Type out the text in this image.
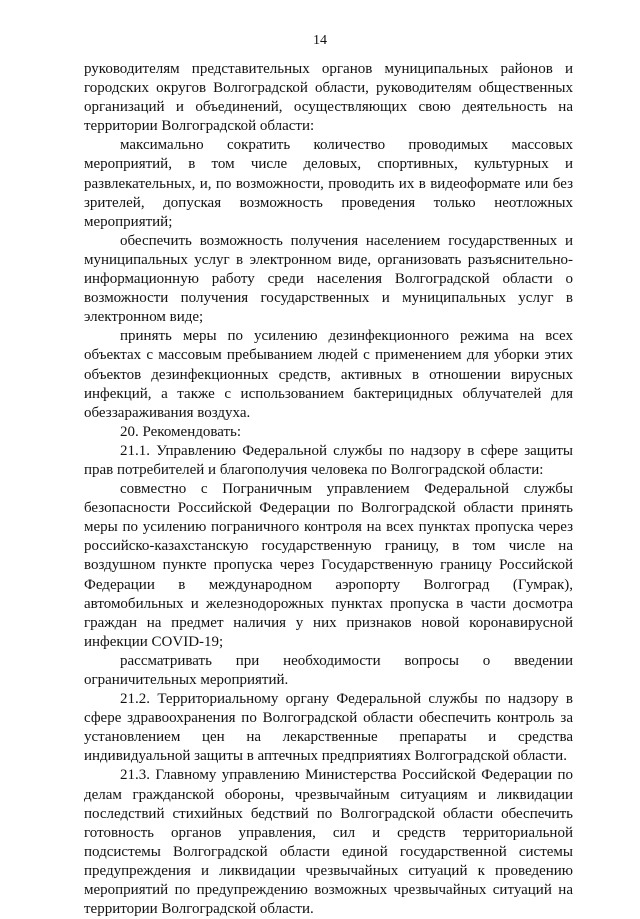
14

руководителям представительных органов муниципальных районов и городских округов Волгоградской области, руководителям общественных организаций и объединений, осуществляющих свою деятельность на территории Волгоградской области:

максимально сократить количество проводимых массовых мероприятий, в том числе деловых, спортивных, культурных и развлекательных, и, по возможности, проводить их в видеоформате или без зрителей, допуская возможность проведения только неотложных мероприятий;

обеспечить возможность получения населением государственных и муниципальных услуг в электронном виде, организовать разъяснительно-информационную работу среди населения Волгоградской области о возможности получения государственных и муниципальных услуг в электронном виде;

принять меры по усилению дезинфекционного режима на всех объектах с массовым пребыванием людей с применением для уборки этих объектов дезинфекционных средств, активных в отношении вирусных инфекций, а также с использованием бактерицидных облучателей для обеззараживания воздуха.

20. Рекомендовать:

21.1. Управлению Федеральной службы по надзору в сфере защиты прав потребителей и благополучия человека по Волгоградской области:

совместно с Пограничным управлением Федеральной службы безопасности Российской Федерации по Волгоградской области принять меры по усилению пограничного контроля на всех пунктах пропуска через российско-казахстанскую государственную границу, в том числе на воздушном пункте пропуска через Государственную границу Российской Федерации в международном аэропорту Волгоград (Гумрак), автомобильных и железнодорожных пунктах пропуска в части досмотра граждан на предмет наличия у них признаков новой коронавирусной инфекции COVID-19;

рассматривать при необходимости вопросы о введении ограничительных мероприятий.

21.2. Территориальному органу Федеральной службы по надзору в сфере здравоохранения по Волгоградской области обеспечить контроль за установлением цен на лекарственные препараты и средства индивидуальной защиты в аптечных предприятиях Волгоградской области.

21.3. Главному управлению Министерства Российской Федерации по делам гражданской обороны, чрезвычайным ситуациям и ликвидации последствий стихийных бедствий по Волгоградской области обеспечить готовность органов управления, сил и средств территориальной подсистемы Волгоградской области единой государственной системы предупреждения и ликвидации чрезвычайных ситуаций к проведению мероприятий по предупреждению возможных чрезвычайных ситуаций на территории Волгоградской области.
